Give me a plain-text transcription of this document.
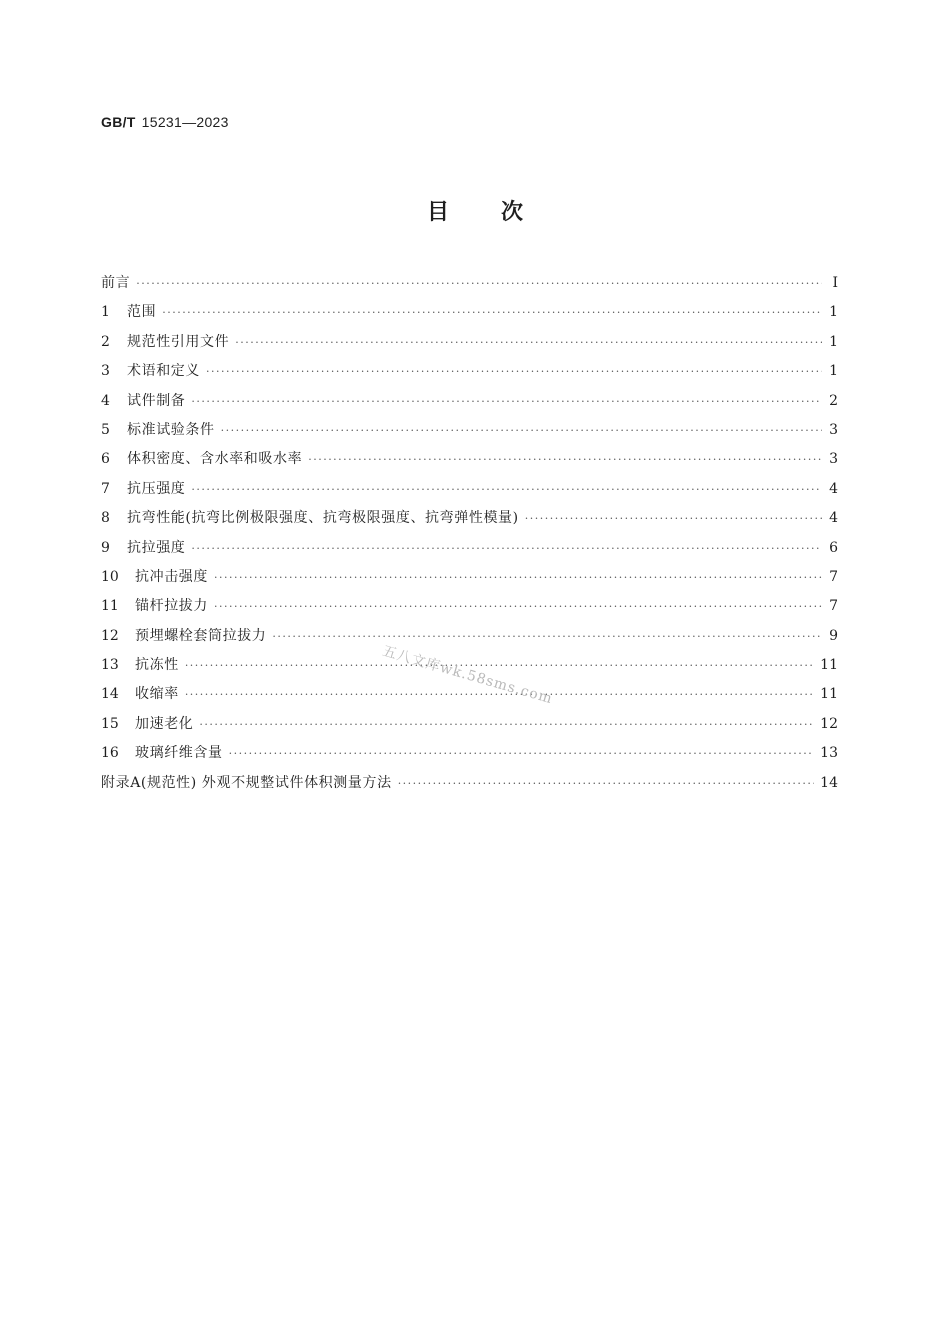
GB/T 15231—2023
目 次
前言 ·····	Ⅰ
1	范围 ·····	1
2	规范性引用文件 ·····	1
3	术语和定义 ·····	1
4	试件制备 ·····	2
5	标准试验条件 ·····	3
6	体积密度、含水率和吸水率 ·····	3
7	抗压强度 ·····	4
8	抗弯性能(抗弯比例极限强度、抗弯极限强度、抗弯弹性模量) ·····	4
9	抗拉强度 ·····	6
10	抗冲击强度 ·····	7
11	锚杆拉拔力 ·····	7
12	预埋螺栓套筒拉拔力 ·····	9
13	抗冻性 ·····	11
14	收缩率 ·····	11
15	加速老化 ·····	12
16	玻璃纤维含量 ·····	13
附录A(规范性) 外观不规整试件体积测量方法 ·····	14
五八文库wk.58sms.com
